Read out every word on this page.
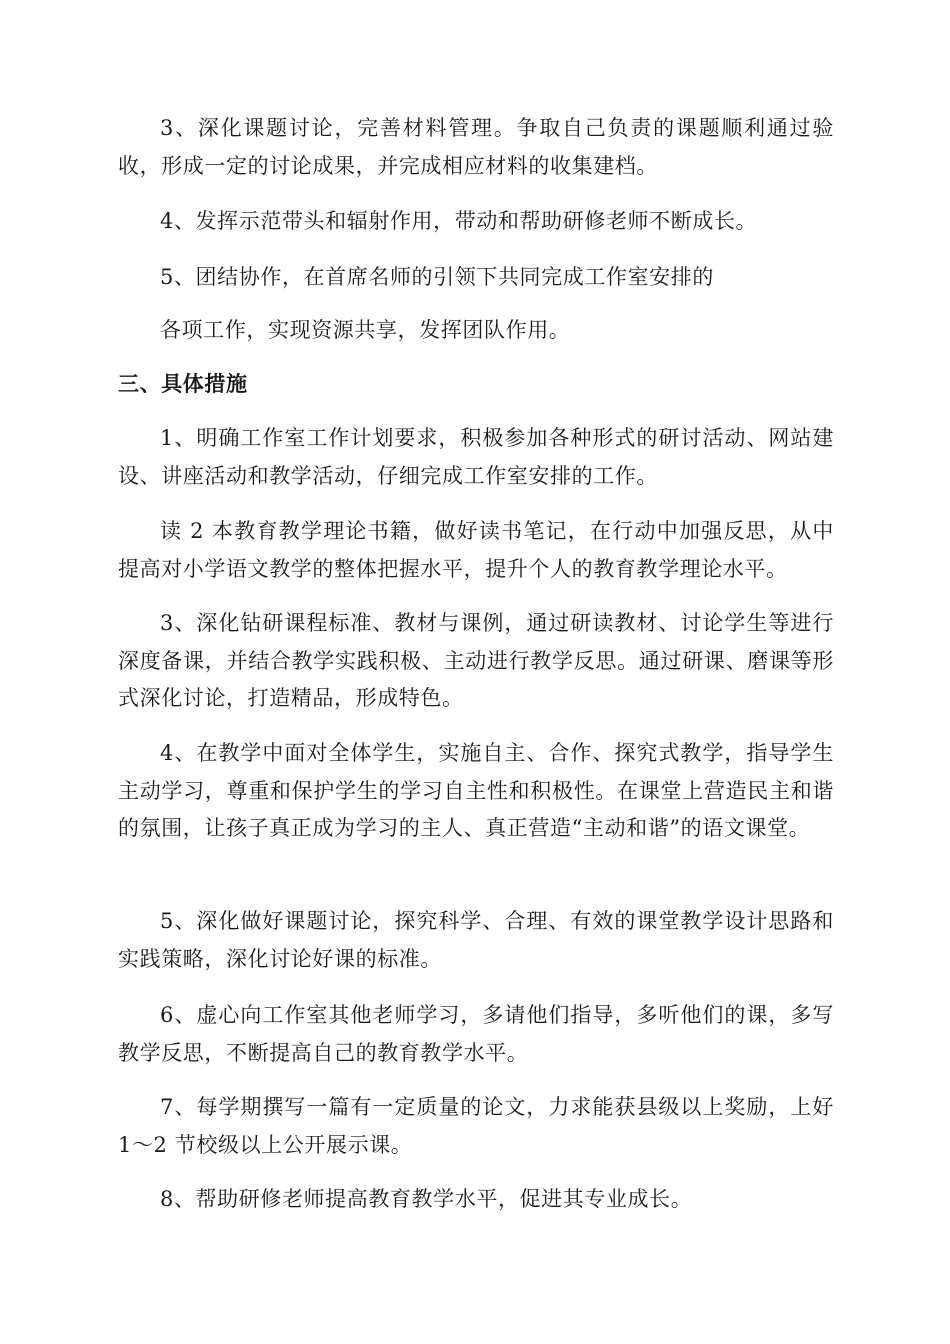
3、深化课题讨论，完善材料管理。争取自己负责的课题顺利通过验收，形成一定的讨论成果，并完成相应材料的收集建档。

4、发挥示范带头和辐射作用，带动和帮助研修老师不断成长。

5、团结协作，在首席名师的引领下共同完成工作室安排的

各项工作，实现资源共享，发挥团队作用。

三、具体措施

1、明确工作室工作计划要求，积极参加各种形式的研讨活动、网站建设、讲座活动和教学活动，仔细完成工作室安排的工作。

读 2 本教育教学理论书籍，做好读书笔记，在行动中加强反思，从中提高对小学语文教学的整体把握水平，提升个人的教育教学理论水平。

3、深化钻研课程标准、教材与课例，通过研读教材、讨论学生等进行深度备课，并结合教学实践积极、主动进行教学反思。通过研课、磨课等形式深化讨论，打造精品，形成特色。

4、在教学中面对全体学生，实施自主、合作、探究式教学，指导学生主动学习，尊重和保护学生的学习自主性和积极性。在课堂上营造民主和谐的氛围，让孩子真正成为学习的主人、真正营造“主动和谐”的语文课堂。

5、深化做好课题讨论，探究科学、合理、有效的课堂教学设计思路和实践策略，深化讨论好课的标准。

6、虚心向工作室其他老师学习，多请他们指导，多听他们的课，多写教学反思，不断提高自己的教育教学水平。

7、每学期撰写一篇有一定质量的论文，力求能获县级以上奖励，上好 1～2 节校级以上公开展示课。

8、帮助研修老师提高教育教学水平，促进其专业成长。
